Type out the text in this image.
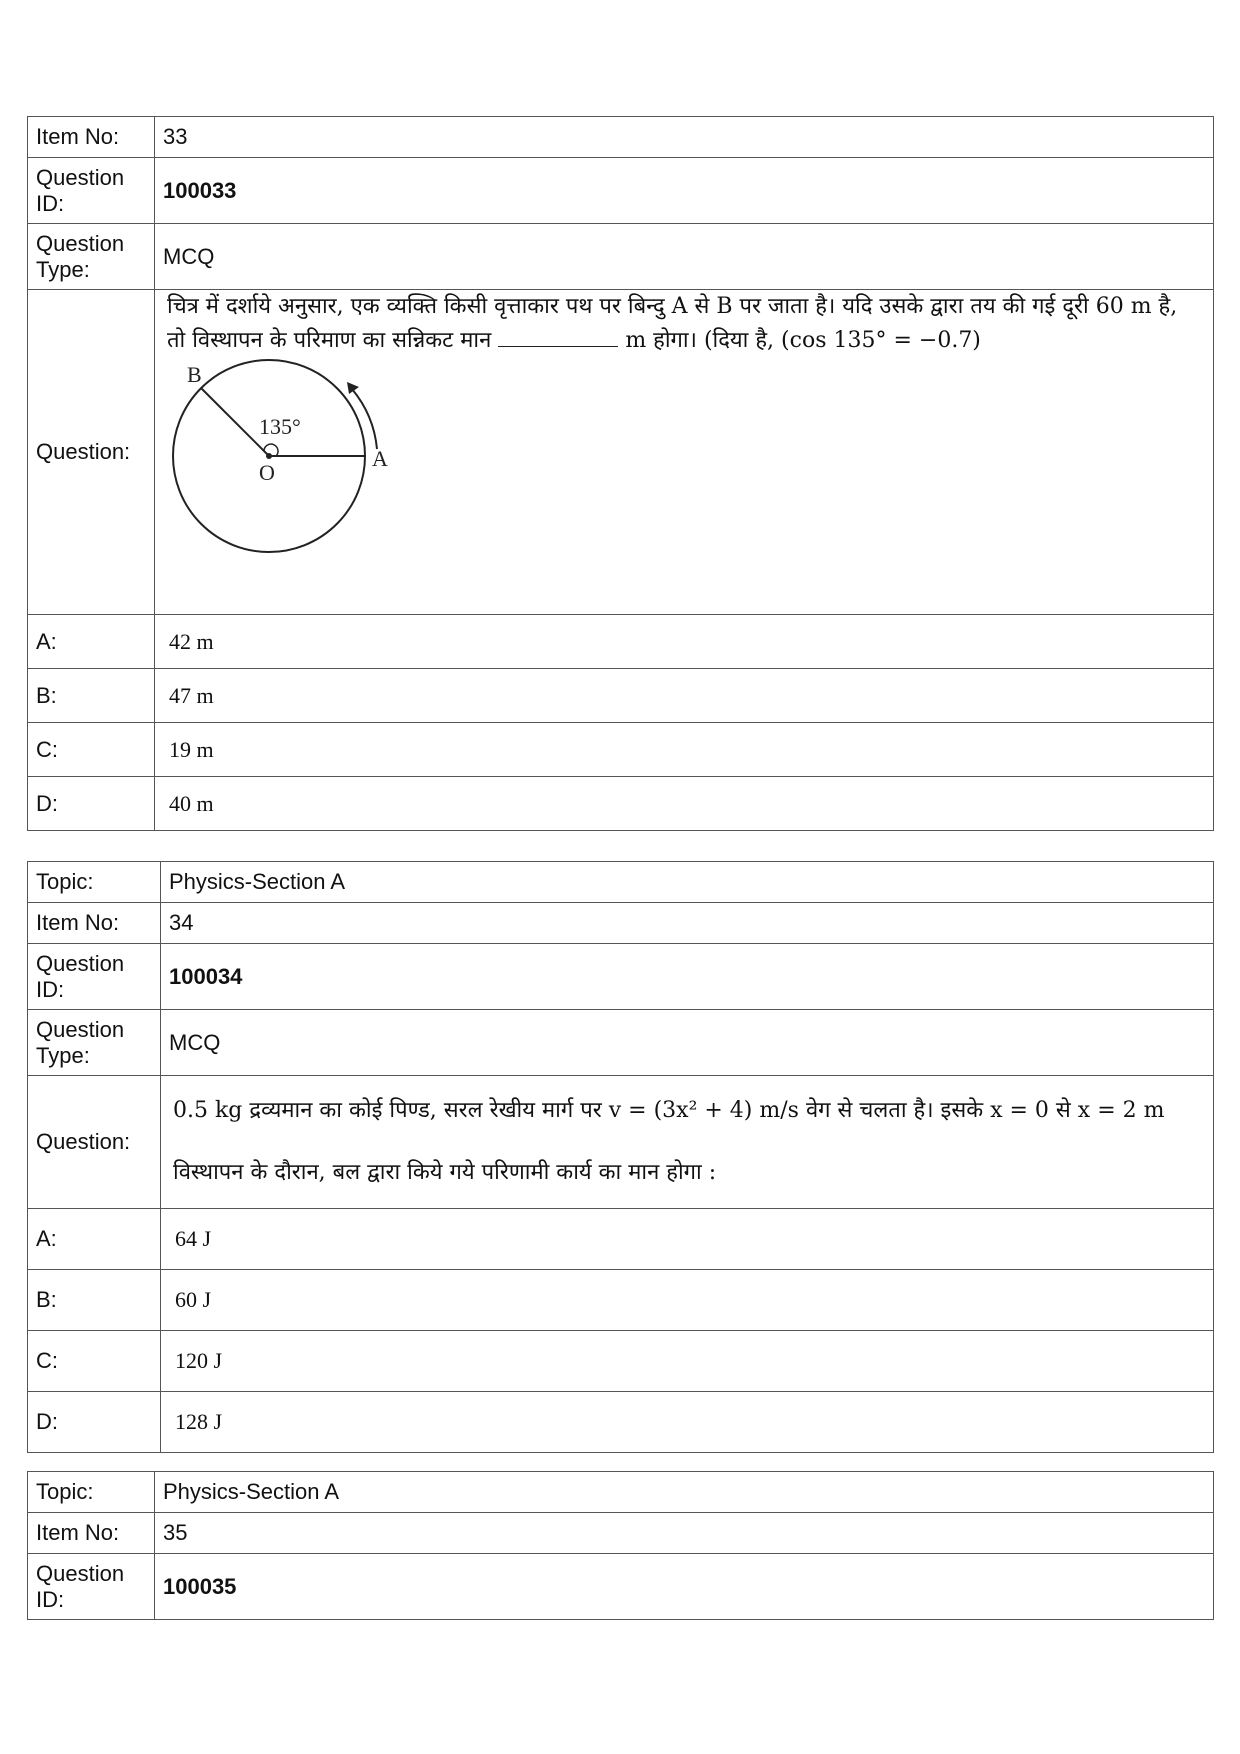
Item No:	33
Question ID:	100033
Question Type:	MCQ
Question:	चित्र में दर्शाये अनुसार, एक व्यक्ति किसी वृत्ताकार पथ पर बिन्दु A से B पर जाता है। यदि उसके द्वारा तय की गई दूरी 60 m है, तो विस्थापन के परिमाण का सन्निकट मान m होगा। (दिया है, (cos 135° = −0.7)
B
A
O
135°

A:	42 m
B:	47 m
C:	19 m
D:	40 m
Topic:	Physics-Section A
Item No:	34
Question ID:	100034
Question Type:	MCQ
Question:	0.5 kg द्रव्यमान का कोई पिण्ड, सरल रेखीय मार्ग पर v = (3x² + 4) m/s वेग से चलता है। इसके x = 0 से x = 2 m विस्थापन के दौरान, बल द्वारा किये गये परिणामी कार्य का मान होगा :
A:	64 J
B:	60 J
C:	120 J
D:	128 J
Topic:	Physics-Section A
Item No:	35
Question ID:	100035
